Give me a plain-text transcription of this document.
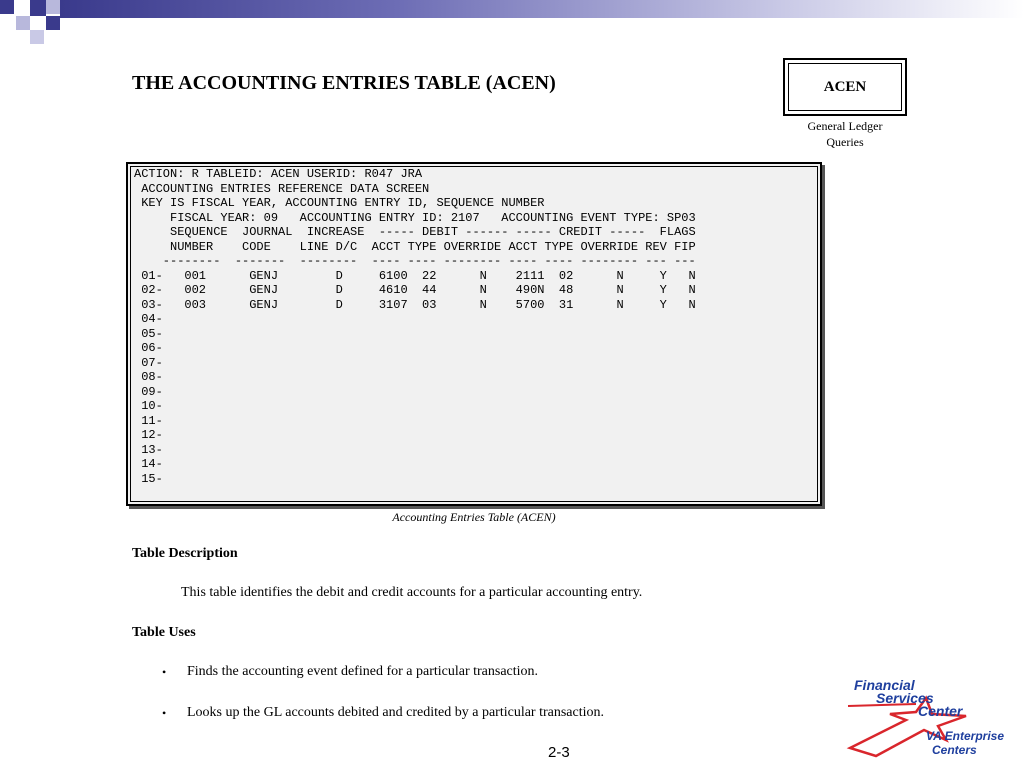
THE ACCOUNTING ENTRIES TABLE (ACEN)	ACEN
General Ledger
Queries
ACTION: R TABLEID: ACEN USERID: R047 JRA
ACCOUNTING ENTRIES REFERENCE DATA SCREEN
KEY IS FISCAL YEAR, ACCOUNTING ENTRY ID, SEQUENCE NUMBER
FISCAL YEAR: 09   ACCOUNTING ENTRY ID: 2107   ACCOUNTING EVENT TYPE: SP03
SEQUENCE  JOURNAL  INCREASE  ----- DEBIT ------ ----- CREDIT -----  FLAGS
NUMBER    CODE    LINE D/C  ACCT TYPE OVERRIDE ACCT TYPE OVERRIDE REV FIP
--------  -------  --------  ---- ---- -------- ---- ---- -------- --- ---
01-   001      GENJ        D     6100  22      N    2111  02      N     Y   N
02-   002      GENJ        D     4610  44      N    490N  48      N     Y   N
03-   003      GENJ        D     3107  03      N    5700  31      N     Y   N
04-
05-
06-
07-
08-
09-
10-
11-
12-
13-
14-
15-
Accounting Entries Table (ACEN)
Table Description
This table identifies the debit and credit accounts for a particular accounting entry.
Table Uses
• Finds the accounting event defined for a particular transaction.
• Looks up the GL accounts debited and credited by a particular transaction.
2-3
Financial
Services
Center
VA Enterprise
Centers
